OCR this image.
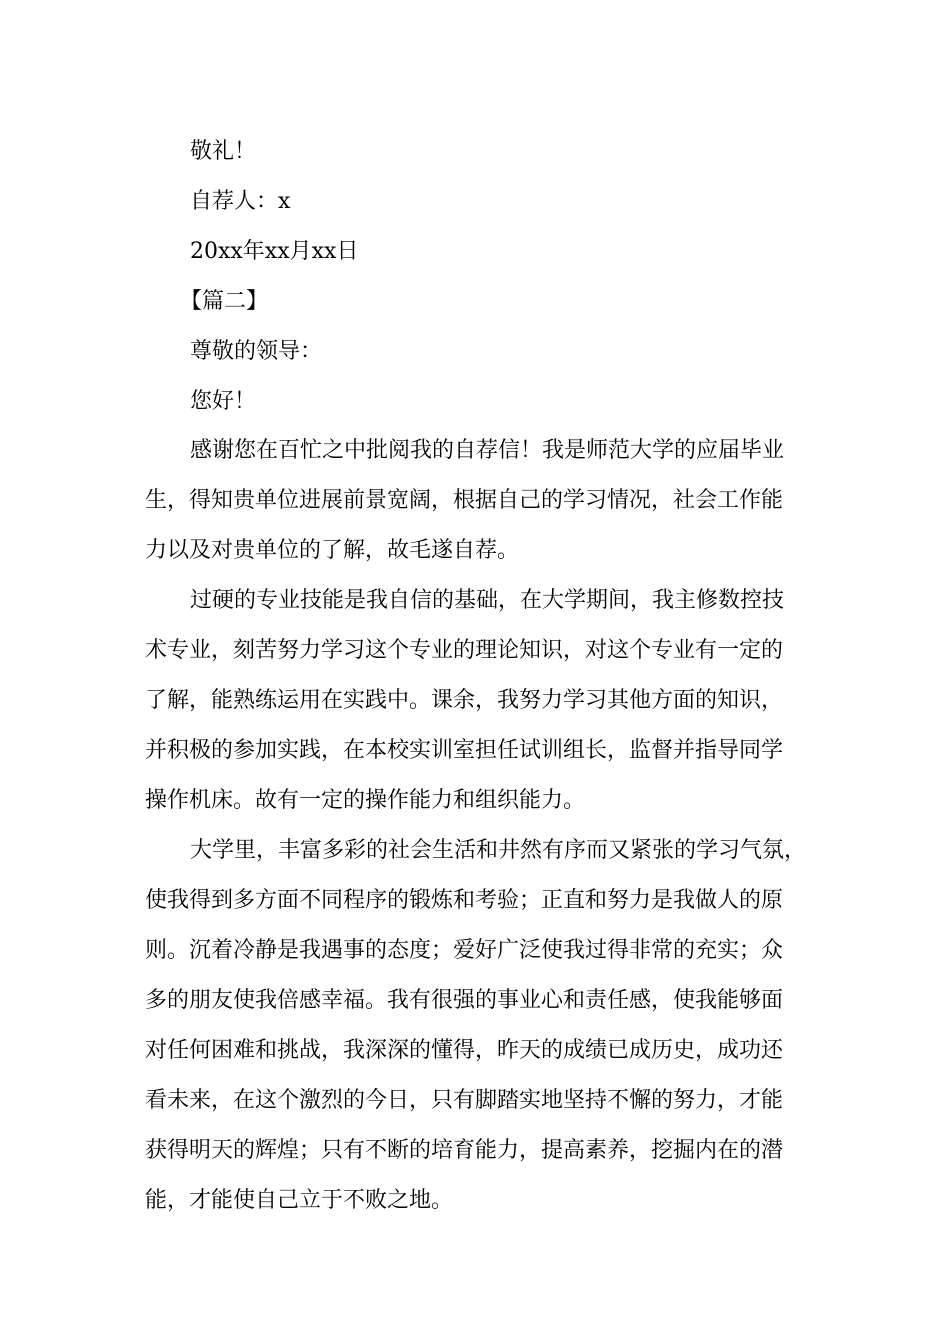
敬礼！
自荐人：x
20xx年xx月xx日
【篇二】
尊敬的领导：
您好！
感谢您在百忙之中批阅我的自荐信！我是师范大学的应届毕业
生，得知贵单位进展前景宽阔，根据自己的学习情况，社会工作能
力以及对贵单位的了解，故毛遂自荐。
过硬的专业技能是我自信的基础，在大学期间，我主修数控技
术专业，刻苦努力学习这个专业的理论知识，对这个专业有一定的
了解，能熟练运用在实践中。课余，我努力学习其他方面的知识，
并积极的参加实践，在本校实训室担任试训组长，监督并指导同学
操作机床。故有一定的操作能力和组织能力。
大学里，丰富多彩的社会生活和井然有序而又紧张的学习气氛，
使我得到多方面不同程序的锻炼和考验；正直和努力是我做人的原
则。沉着冷静是我遇事的态度；爱好广泛使我过得非常的充实；众
多的朋友使我倍感幸福。我有很强的事业心和责任感，使我能够面
对任何困难和挑战，我深深的懂得，昨天的成绩已成历史，成功还
看未来，在这个激烈的今日，只有脚踏实地坚持不懈的努力，才能
获得明天的辉煌；只有不断的培育能力，提高素养，挖掘内在的潜
能，才能使自己立于不败之地。
